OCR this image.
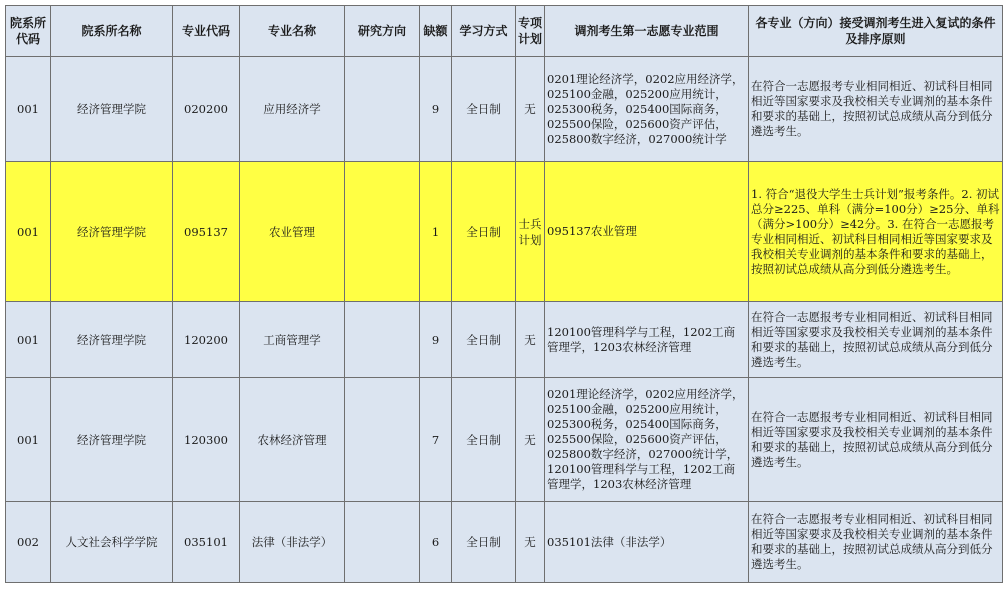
院系所代码	院系所名称	专业代码	专业名称	研究方向	缺额	学习方式	专项计划	调剂考生第一志愿专业范围	各专业（方向）接受调剂考生进入复试的条件及排序原则
001	经济管理学院	020200	应用经济学		9	全日制	无	0201理论经济学，0202应用经济学，025100金融，025200应用统计，025300税务，025400国际商务，025500保险，025600资产评估，025800数字经济，027000统计学	在符合一志愿报考专业相同相近、初试科目相同相近等国家要求及我校相关专业调剂的基本条件和要求的基础上，按照初试总成绩从高分到低分遴选考生。
001	经济管理学院	095137	农业管理		1	全日制	士兵计划	095137农业管理	1. 符合“退役大学生士兵计划”报考条件。2. 初试总分≥225、单科（满分=100分）≥25分、单科（满分>100分）≥42分。3. 在符合一志愿报考专业相同相近、初试科目相同相近等国家要求及我校相关专业调剂的基本条件和要求的基础上，按照初试总成绩从高分到低分遴选考生。
001	经济管理学院	120200	工商管理学		9	全日制	无	120100管理科学与工程，1202工商管理学，1203农林经济管理	在符合一志愿报考专业相同相近、初试科目相同相近等国家要求及我校相关专业调剂的基本条件和要求的基础上，按照初试总成绩从高分到低分遴选考生。
001	经济管理学院	120300	农林经济管理		7	全日制	无	0201理论经济学，0202应用经济学，025100金融，025200应用统计，025300税务，025400国际商务，025500保险，025600资产评估，025800数字经济，027000统计学，120100管理科学与工程，1202工商管理学，1203农林经济管理	在符合一志愿报考专业相同相近、初试科目相同相近等国家要求及我校相关专业调剂的基本条件和要求的基础上，按照初试总成绩从高分到低分遴选考生。
002	人文社会科学学院	035101	法律（非法学）		6	全日制	无	035101法律（非法学）	在符合一志愿报考专业相同相近、初试科目相同相近等国家要求及我校相关专业调剂的基本条件和要求的基础上，按照初试总成绩从高分到低分遴选考生。
